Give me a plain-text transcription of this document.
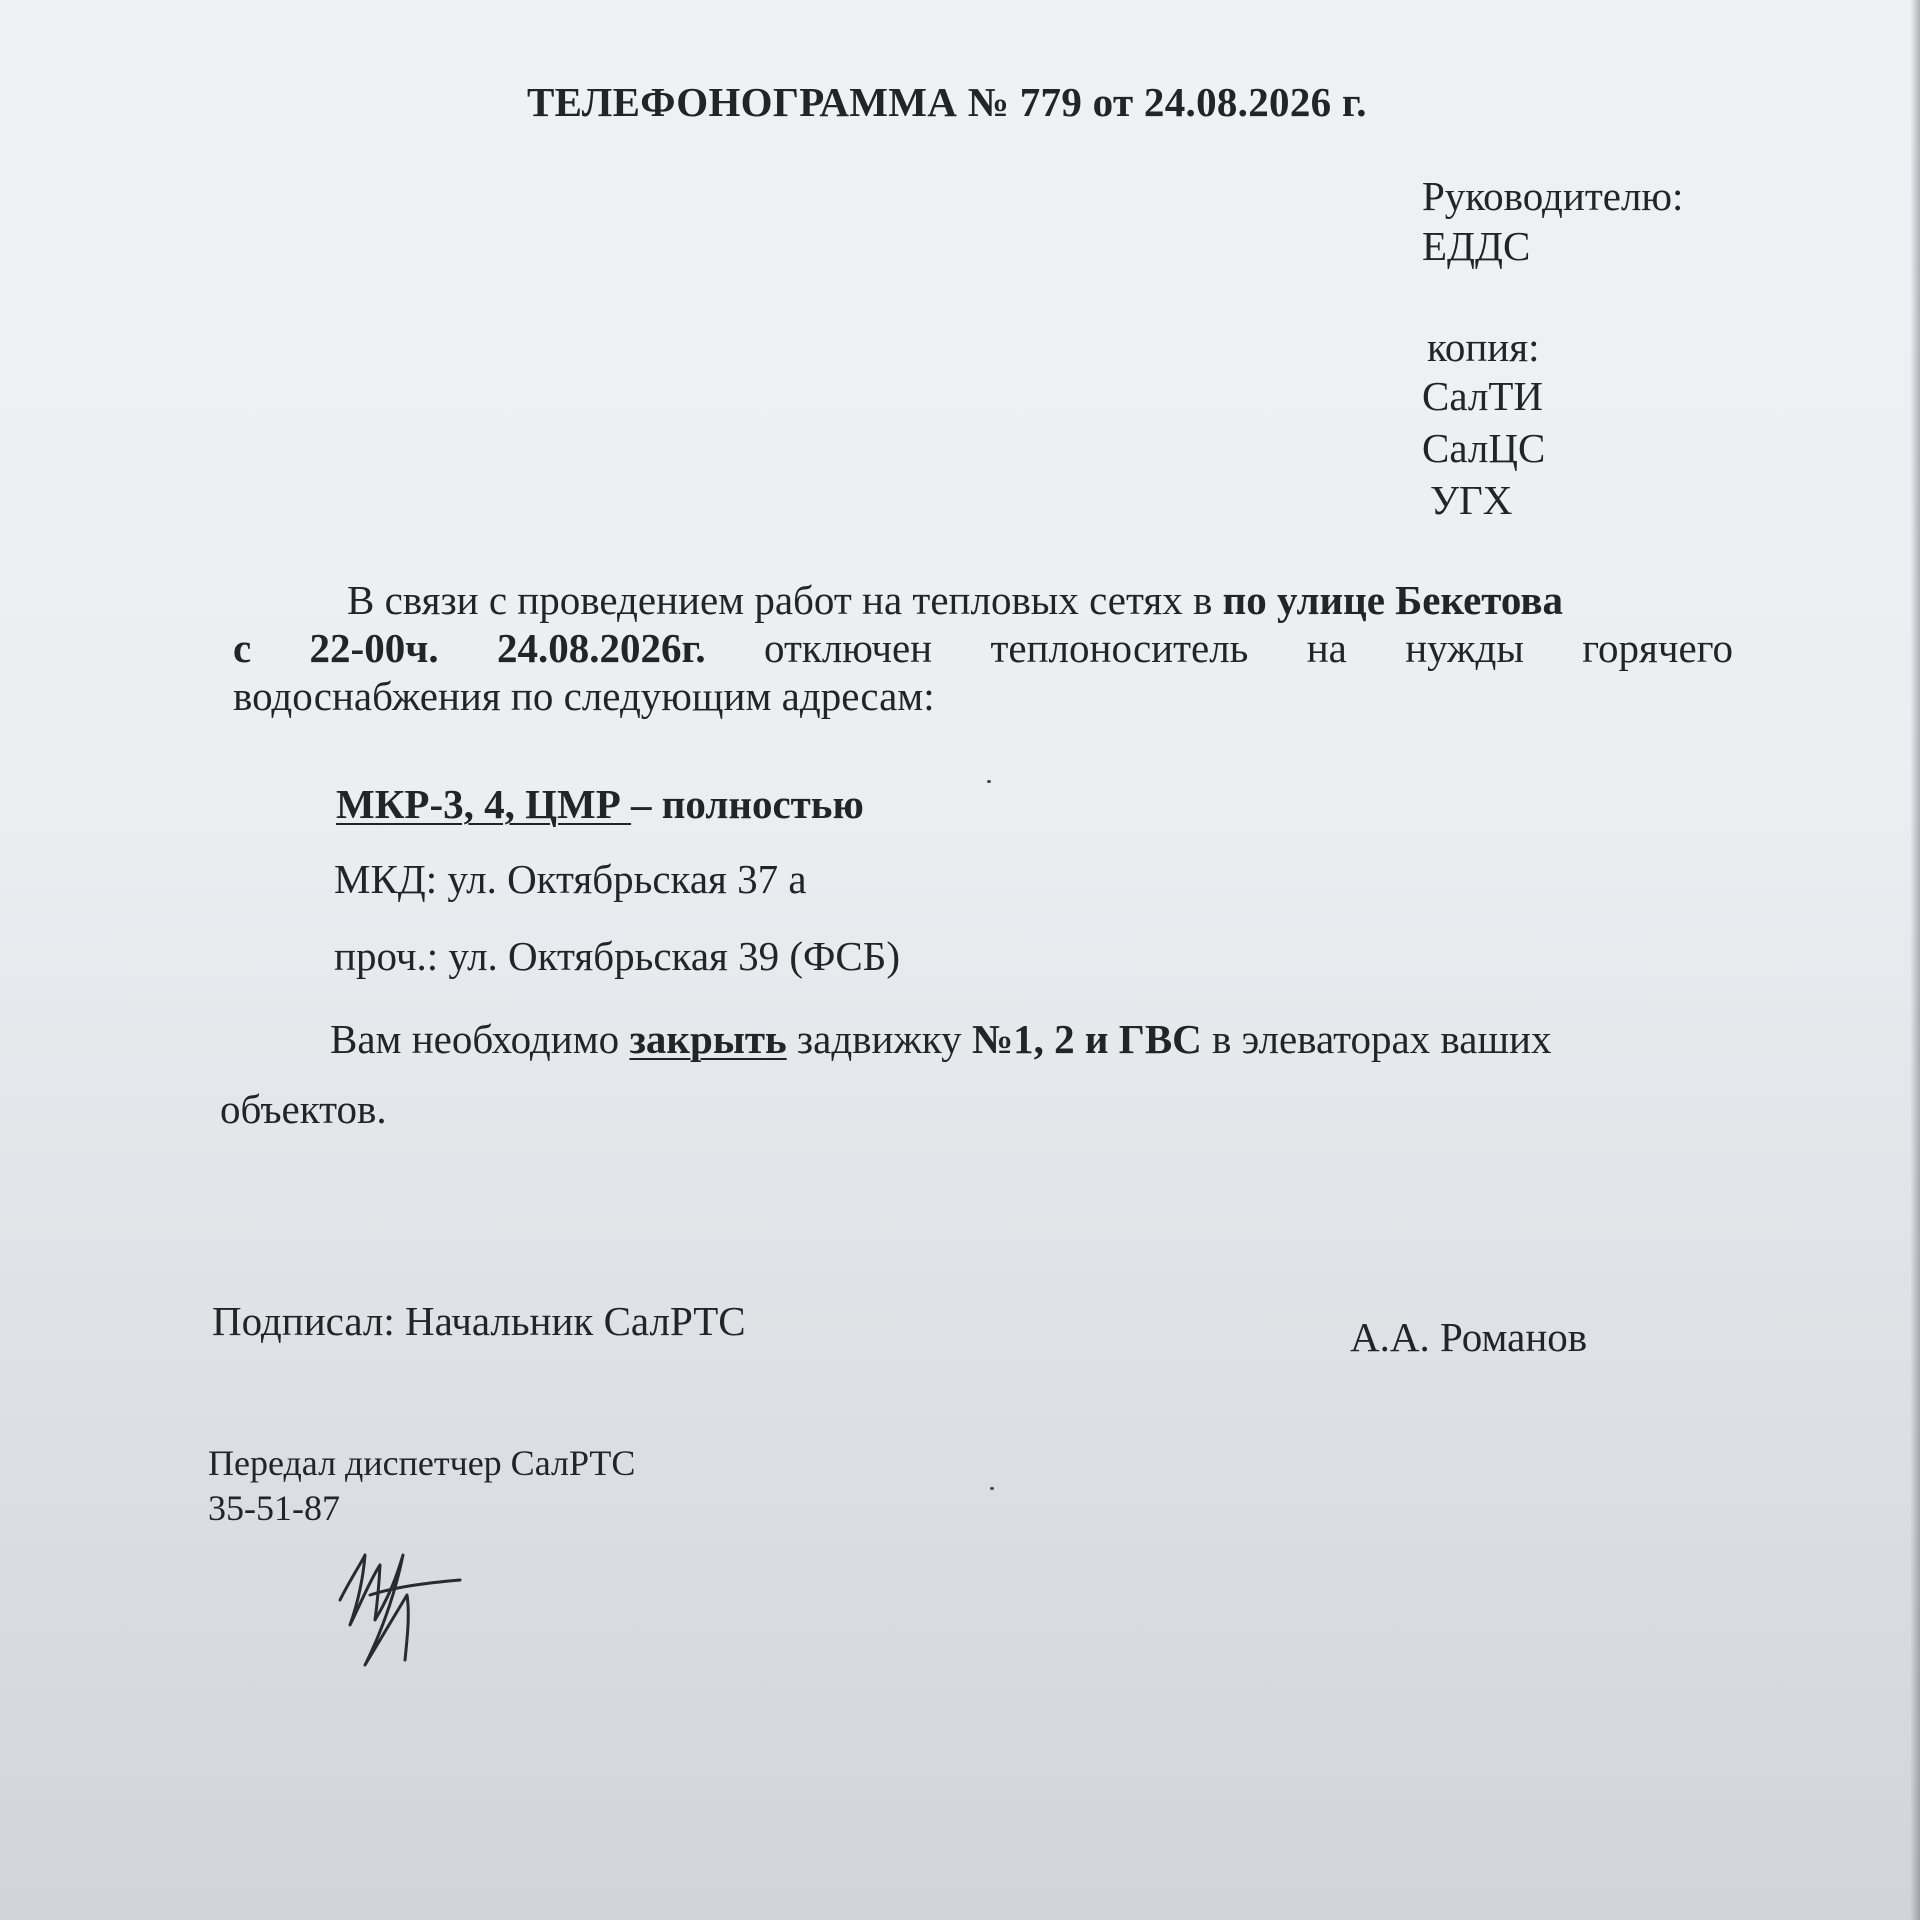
ТЕЛЕФОНОГРАММА № 779 от 24.08.2026 г.
Руководителю:
ЕДДС
копия:
СалТИ
СалЦС
УГХ
В связи с проведением работ на тепловых сетях в по улице Бекетова
с 22-00ч. 24.08.2026г. отключен теплоноситель на нужды горячего
водоснабжения по следующим адресам:
МКР-3, 4, ЦМР – полностью
МКД: ул. Октябрьская 37 а
проч.: ул. Октябрьская 39 (ФСБ)
Вам необходимо закрыть задвижку №1, 2 и ГВС в элеваторах ваших
объектов.
Подписал: Начальник СалРТС	А.А. Романов
Передал диспетчер СалРТС
35-51-87
